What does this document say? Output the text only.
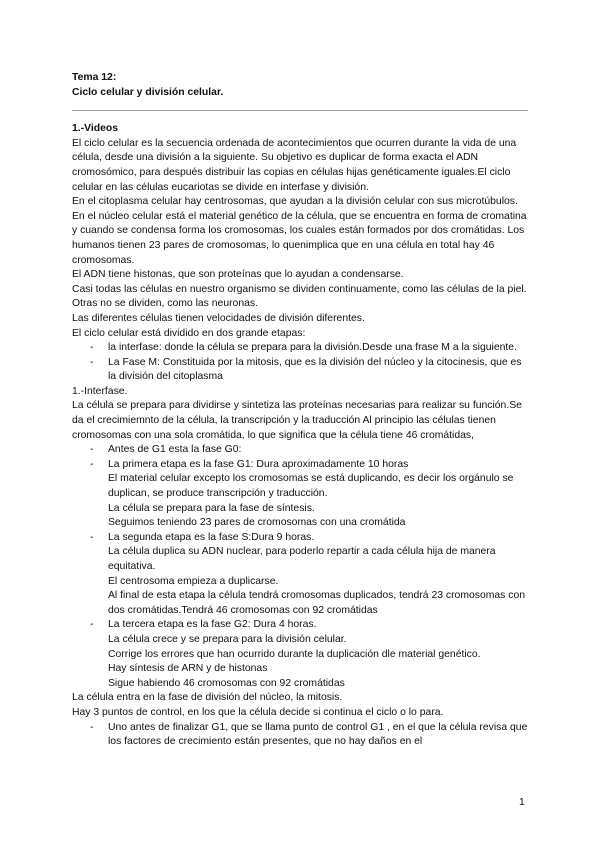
Tema 12:

Ciclo celular y división celular.

1.-Videos

El ciclo celular es la secuencia ordenada de acontecimientos que ocurren durante la vida de una célula, desde una división a la siguiente. Su objetivo es duplicar de forma exacta el ADN cromosómico, para después distribuir las copias en células hijas genéticamente iguales.El ciclo celular en las células eucariotas se divide en interfase y división.

En el citoplasma celular hay centrosomas, que ayudan a la división celular con sus microtúbulos. En el núcleo celular está el material genético de la célula, que se encuentra en forma de cromatina y cuando se condensa forma los cromosomas, los cuales están formados por dos cromátidas. Los humanos tienen 23 pares de cromosomas, lo quenimplica que en una célula en total hay 46 cromosomas.

El ADN tiene histonas, que son proteínas que lo ayudan a condensarse.

Casi todas las células en nuestro organismo se dividen continuamente, como las células de la piel. Otras no se dividen, como las neuronas.

Las diferentes células tienen velocidades de división diferentes.

El ciclo celular está dividido en dos grande etapas:

- la interfase: donde la célula se prepara para la división.Desde una frase M a la siguiente.
- La Fase M: Constituida por la mitosis, que es la división del núcleo y la citocinesis, que es la división del citoplasma

1.-Interfase.

La célula se prepara para dividirse y sintetiza las proteínas necesarias para realizar su función.Se da el crecimiemnto de la célula, la transcripción y la traducción Al principio las células tienen cromosomas con una sola cromátida, lo que significa que la célula tiene 46 cromátidas,

- Antes de G1 esta la fase G0:

- La primera etapa es la fase G1: Dura aproximadamente 10 horas

El material celular excepto los cromosomas se está duplicando, es decir los orgánulo se duplican, se produce transcripción y traducción.

La célula se prepara para la fase de síntesis.

Seguimos teniendo 23 pares de cromosomas con una cromátida

- La segunda etapa es la fase S:Dura 9 horas.

La célula duplica su ADN nuclear, para poderlo repartir a cada célula hija de manera equitativa.

El centrosoma empieza a duplicarse.

Al final de esta etapa la célula tendrá cromosomas duplicados, tendrá 23 cromosomas con dos cromátidas.Tendrá 46 cromosomas con 92 cromátidas

- La tercera etapa es la fase G2: Dura 4 horas.

La célula crece y se prepara para la división celular.

Corrige los errores que han ocurrido durante la duplicación dle material genético.

Hay síntesis de ARN y de histonas

Sigue habiendo 46 cromosomas con 92 cromátidas

La célula entra en la fase de división del núcleo, la mitosis.

Hay 3 puntos de control, en los que la célula decide si continua el ciclo o lo para.

- Uno antes de finalizar G1, que se llama punto de control G1 , en el que la célula revisa que los factores de crecimiento están presentes, que no hay daños en el
1
